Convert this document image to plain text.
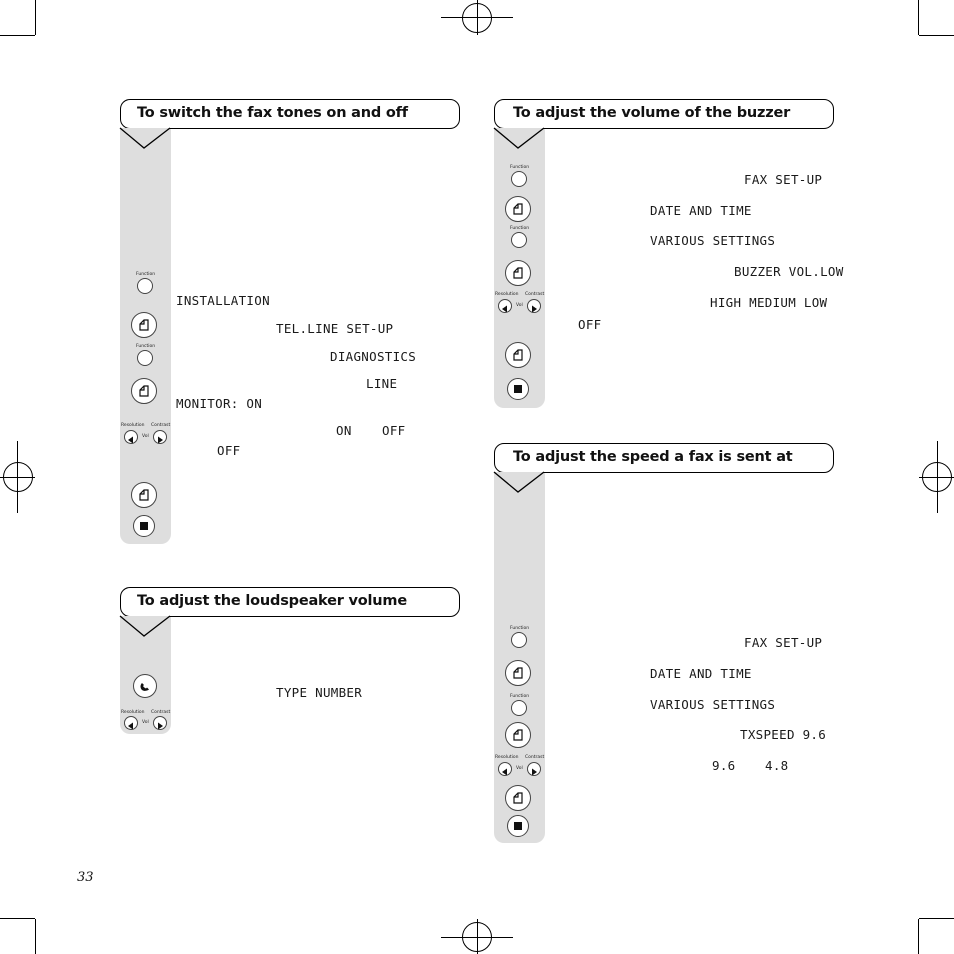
To switch the fax tones on and off
Function
Function
Resolution Contrast
Vol
INSTALLATION
TEL.LINE SET-UP
DIAGNOSTICS
LINE
MONITOR: ON
ON OFF
OFF
To adjust the loudspeaker volume
Resolution Contrast
Vol
TYPE NUMBER
To adjust the volume of the buzzer
Function
Function
Resolution Contrast
Vol
FAX SET-UP
DATE AND TIME
VARIOUS SETTINGS
BUZZER VOL.LOW
HIGH MEDIUM LOW
OFF
To adjust the speed a fax is sent at
Function
Function
Resolution Contrast
Vol
FAX SET-UP
DATE AND TIME
VARIOUS SETTINGS
TXSPEED 9.6
9.6 4.8
33
